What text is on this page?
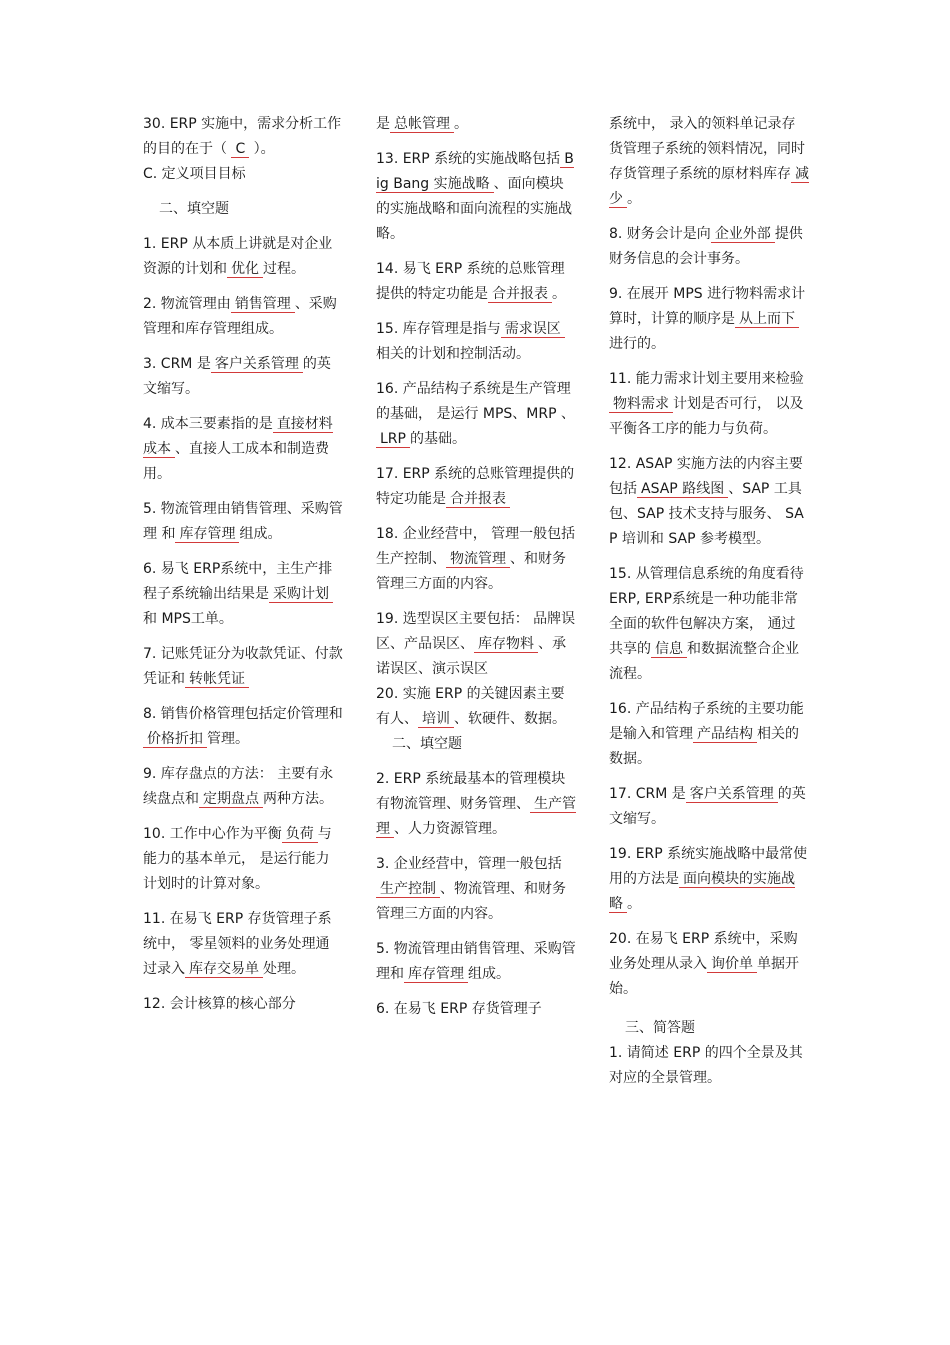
30. ERP 实施中，需求分析工作的目的在于（ C ）。
C. 定义项目目标
二、填空题
1. ERP 从本质上讲就是对企业资源的计划和 优化 过程。
2. 物流管理由 销售管理 、采购管理和库存管理组成。
3. CRM 是 客户关系管理 的英文缩写。
4. 成本三要素指的是 直接材料成本 、直接人工成本和制造费用。
5. 物流管理由销售管理、采购管理 和 库存管理 组成。
6. 易飞 ERP系统中，主生产排程子系统输出结果是 采购计划和 MPS工单。
7. 记账凭证分为收款凭证、付款凭证和 转帐凭证
8. 销售价格管理包括定价管理和价格折扣 管理。
9. 库存盘点的方法： 主要有永续盘点和 定期盘点 两种方法。
10. 工作中心作为平衡 负荷 与能力的基本单元， 是运行能力计划时的计算对象。
11. 在易飞 ERP 存货管理子系统中， 零星领料的业务处理通过录入 库存交易单 处理。
12. 会计核算的核心部分
是 总帐管理 。
13. ERP 系统的实施战略包括 Big Bang 实施战略 、面向模块的实施战略和面向流程的实施战略。
14. 易飞 ERP 系统的总账管理提供的特定功能是 合并报表 。
15. 库存管理是指与 需求误区相关的计划和控制活动。
16. 产品结构子系统是生产管理的基础， 是运行 MPS、MRP 、LRP 的基础。
17. ERP 系统的总账管理提供的特定功能是 合并报表
18. 企业经营中， 管理一般包括生产控制、 物流管理 、和财务管理三方面的内容。
19. 选型误区主要包括： 品牌误区、产品误区、 库存物料 、承诺误区、演示误区
20. 实施 ERP 的关键因素主要有人、 培训 、软硬件、数据。
二、填空题
2. ERP 系统最基本的管理模块有物流管理、财务管理、 生产管理 、人力资源管理。
3. 企业经营中，管理一般包括生产控制 、物流管理、和财务管理三方面的内容。
5. 物流管理由销售管理、采购管理和 库存管理 组成。
6. 在易飞 ERP 存货管理子
系统中， 录入的领料单记录存货管理子系统的领料情况，同时存货管理子系统的原材料库存 减少 。
8. 财务会计是向 企业外部 提供财务信息的会计事务。
9. 在展开 MPS 进行物料需求计算时，计算的顺序是 从上而下进行的。
11. 能力需求计划主要用来检验物料需求 计划是否可行， 以及平衡各工序的能力与负荷。
12. ASAP 实施方法的内容主要包括 ASAP 路线图 、SAP 工具包、SAP 技术支持与服务、 SAP 培训和 SAP 参考模型。
15. 从管理信息系统的角度看待 ERP, ERP系统是一种功能非常全面的软件包解决方案， 通过共享的 信息 和数据流整合企业流程。
16. 产品结构子系统的主要功能是输入和管理 产品结构 相关的数据。
17. CRM 是 客户关系管理 的英文缩写。
19. ERP 系统实施战略中最常使用的方法是 面向模块的实施战略 。
20. 在易飞 ERP 系统中，采购业务处理从录入 询价单 单据开始。
三、简答题
1. 请简述 ERP 的四个全景及其对应的全景管理。
